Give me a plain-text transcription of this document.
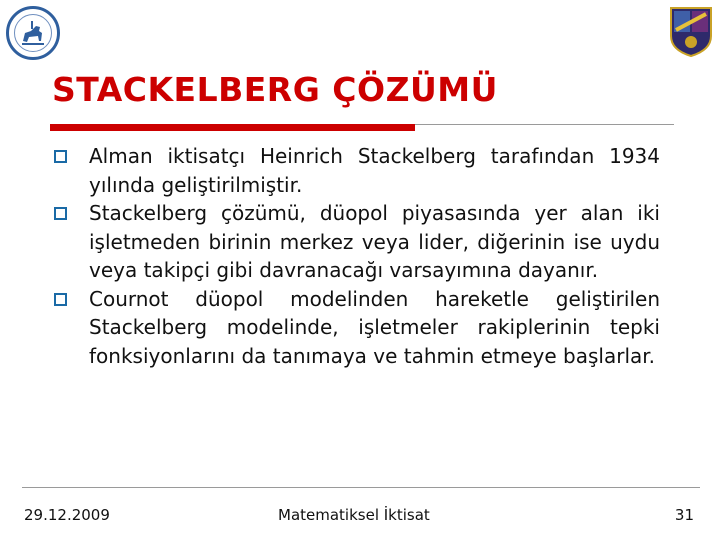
STACKELBERG ÇÖZÜMÜ
Alman iktisatçı Heinrich Stackelberg tarafından 1934 yılında geliştirilmiştir.
Stackelberg çözümü, düopol piyasasında yer alan iki işletmeden birinin merkez veya lider, diğerinin ise uydu veya takipçi gibi davranacağı varsayımına dayanır.
Cournot düopol modelinden hareketle geliştirilen Stackelberg modelinde, işletmeler rakiplerinin tepki fonksiyonlarını da tanımaya ve tahmin etmeye başlarlar.
29.12.2009	Matematiksel İktisat	31
